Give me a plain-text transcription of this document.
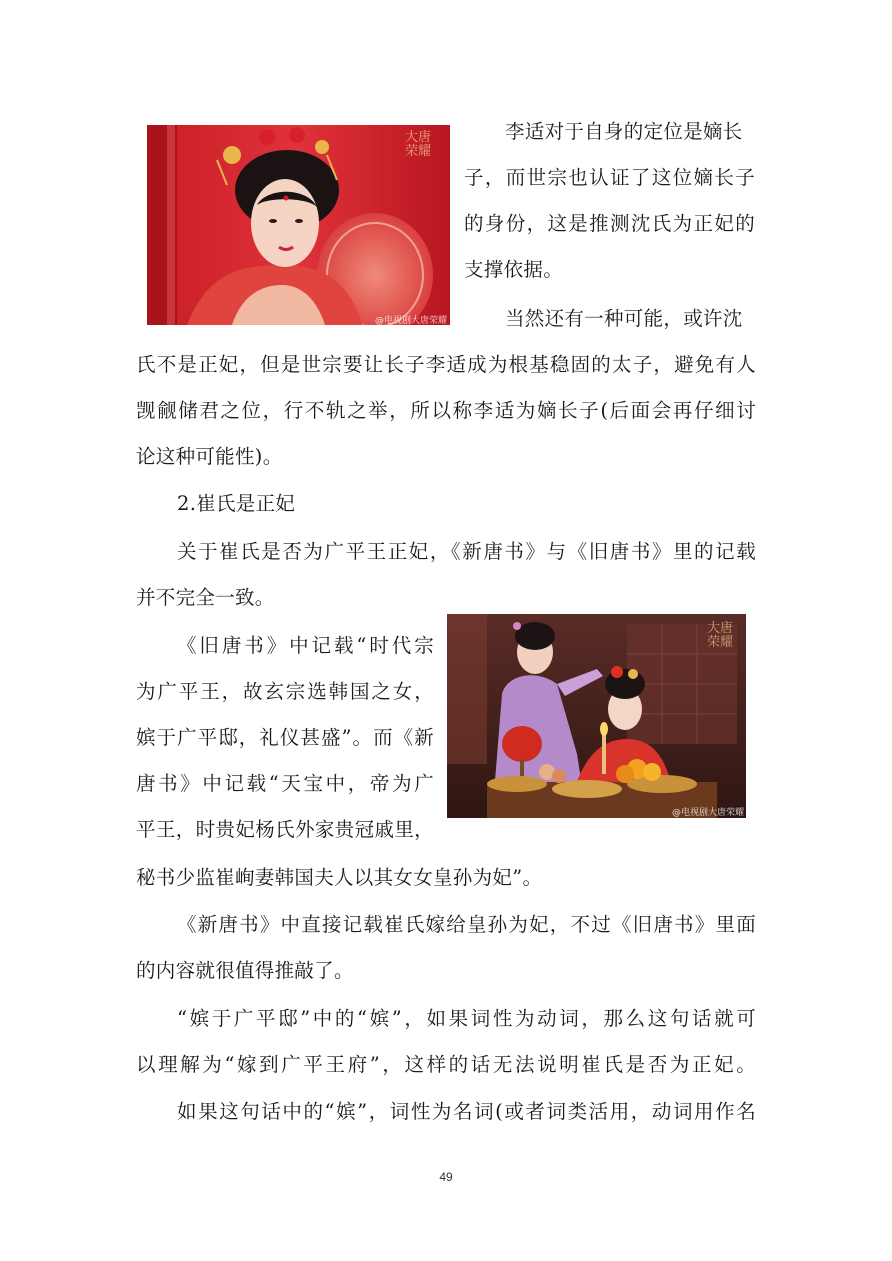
大唐
荣耀
@电视剧大唐荣耀
大唐
荣耀
@电视剧大唐荣耀
李适对于自身的定位是嫡长
子，而世宗也认证了这位嫡长子
的身份，这是推测沈氏为正妃的
支撑依据。
当然还有一种可能，或许沈
氏不是正妃，但是世宗要让长子李适成为根基稳固的太子，避免有人
觊觎储君之位，行不轨之举，所以称李适为嫡长子(后面会再仔细讨
论这种可能性)。
2.崔氏是正妃
关于崔氏是否为广平王正妃，《新唐书》与《旧唐书》里的记载
并不完全一致。
《旧唐书》中记载“时代宗
为广平王，故玄宗选韩国之女，
嫔于广平邸，礼仪甚盛”。而《新
唐书》中记载“天宝中，帝为广
平王，时贵妃杨氏外家贵冠戚里，
秘书少监崔峋妻韩国夫人以其女女皇孙为妃”。
《新唐书》中直接记载崔氏嫁给皇孙为妃，不过《旧唐书》里面
的内容就很值得推敲了。
“嫔于广平邸”中的“嫔”，如果词性为动词，那么这句话就可
以理解为“嫁到广平王府”，这样的话无法说明崔氏是否为正妃。
如果这句话中的“嫔”，词性为名词(或者词类活用，动词用作名
49
